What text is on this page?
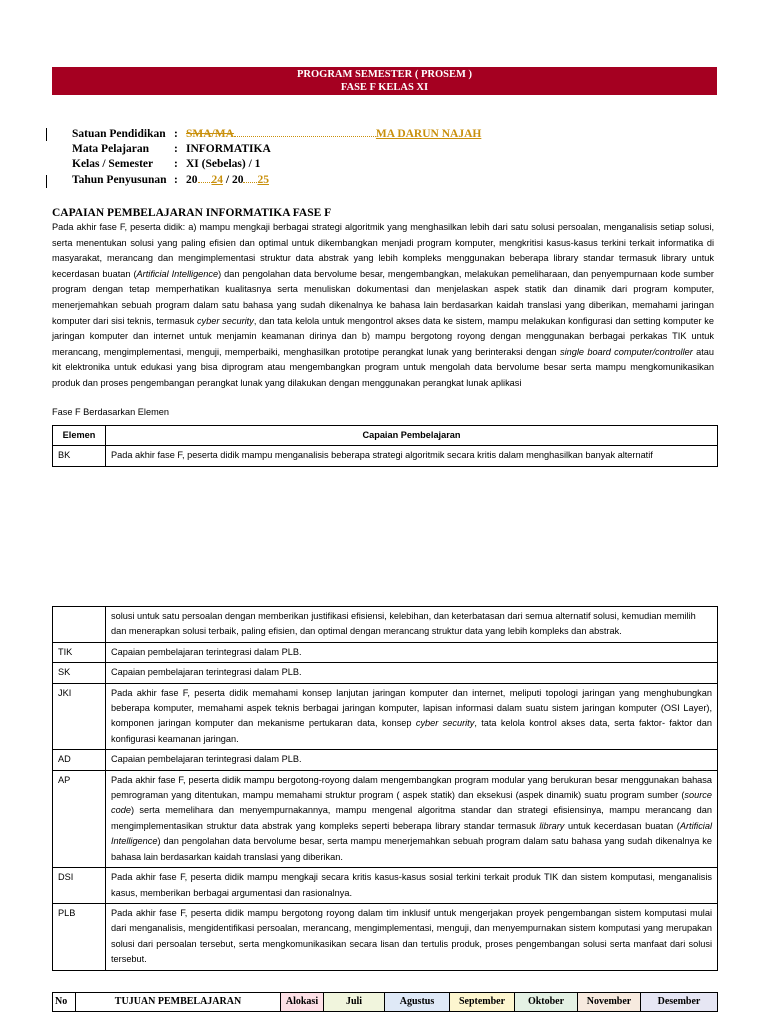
PROGRAM SEMESTER ( PROSEM )
FASE F KELAS XI
Satuan Pendidikan : SMA/MA	MA DARUN NAJAH
Mata Pelajaran : INFORMATIKA
Kelas / Semester : XI (Sebelas) / 1
Tahun Penyusunan : 20 24 / 20 25
CAPAIAN PEMBELAJARAN INFORMATIKA FASE F
Pada akhir fase F, peserta didik: a) mampu mengkaji berbagai strategi algoritmik yang menghasilkan lebih dari satu solusi persoalan, menganalisis setiap solusi, serta menentukan solusi yang paling efisien dan optimal untuk dikembangkan menjadi program komputer, mengkritisi kasus-kasus terkini terkait informatika di masyarakat, merancang dan mengimplementasi struktur data abstrak yang lebih kompleks menggunakan beberapa library standar termasuk library untuk kecerdasan buatan (Artificial Intelligence) dan pengolahan data bervolume besar, mengembangkan, melakukan pemeliharaan, dan penyempurnaan kode sumber program dengan tetap memperhatikan kualitasnya serta menuliskan dokumentasi dan menjelaskan aspek statik dan dinamik dari program komputer, menerjemahkan sebuah program dalam satu bahasa yang sudah dikenalnya ke bahasa lain berdasarkan kaidah translasi yang diberikan, memahami jaringan komputer dari sisi teknis, termasuk cyber security, dan tata kelola untuk mengontrol akses data ke sistem, mampu melakukan konfigurasi dan setting komputer ke jaringan komputer dan internet untuk menjamin keamanan dirinya dan b) mampu bergotong royong dengan menggunakan berbagai perkakas TIK untuk merancang, mengimplementasi, menguji, memperbaiki, menghasilkan prototipe perangkat lunak yang berinteraksi dengan single board computer/controller atau kit elektronika untuk edukasi yang bisa diprogram atau mengembangkan program untuk mengolah data bervolume besar serta mampu mengkomunikasikan produk dan proses pengembangan perangkat lunak yang dilakukan dengan menggunakan perangkat lunak aplikasi
Fase F Berdasarkan Elemen
Elemen	Capaian Pembelajaran
BK	Pada akhir fase F, peserta didik mampu menganalisis beberapa strategi algoritmik secara kritis dalam menghasilkan banyak alternatif
	solusi untuk satu persoalan dengan memberikan justifikasi efisiensi, kelebihan, dan keterbatasan dari semua alternatif solusi, kemudian memilih dan menerapkan solusi terbaik, paling efisien, dan optimal dengan merancang struktur data yang lebih kompleks dan abstrak.
TIK	Capaian pembelajaran terintegrasi dalam PLB.
SK	Capaian pembelajaran terintegrasi dalam PLB.
JKI	Pada akhir fase F, peserta didik memahami konsep lanjutan jaringan komputer dan internet, meliputi topologi jaringan yang menghubungkan beberapa komputer, memahami aspek teknis berbagai jaringan komputer, lapisan informasi dalam suatu sistem jaringan komputer (OSI Layer), komponen jaringan komputer dan mekanisme pertukaran data, konsep cyber security, tata kelola kontrol akses data, serta faktor- faktor dan konfigurasi keamanan jaringan.
AD	Capaian pembelajaran terintegrasi dalam PLB.
AP	Pada akhir fase F, peserta didik mampu bergotong-royong dalam mengembangkan program modular yang berukuran besar menggunakan bahasa pemrograman yang ditentukan, mampu memahami struktur program ( aspek statik) dan eksekusi (aspek dinamik) suatu program sumber (source code) serta memelihara dan menyempurnakannya, mampu mengenal algoritma standar dan strategi efisiensinya, mampu merancang dan mengimplementasikan struktur data abstrak yang kompleks seperti beberapa library standar termasuk library untuk kecerdasan buatan (Artificial Intelligence) dan pengolahan data bervolume besar, serta mampu menerjemahkan sebuah program dalam satu bahasa yang sudah dikenalnya ke bahasa lain berdasarkan kaidah translasi yang diberikan.
DSI	Pada akhir fase F, peserta didik mampu mengkaji secara kritis kasus-kasus sosial terkini terkait produk TIK dan sistem komputasi, menganalisis kasus, memberikan berbagai argumentasi dan rasionalnya.
PLB	Pada akhir fase F, peserta didik mampu bergotong royong dalam tim inklusif untuk mengerjakan proyek pengembangan sistem komputasi mulai dari menganalisis, mengidentifikasi persoalan, merancang, mengimplementasi, menguji, dan menyempurnakan sistem komputasi yang merupakan solusi dari persoalan tersebut, serta mengkomunikasikan secara lisan dan tertulis produk, proses pengembangan solusi serta manfaat dari solusi tersebut.
No	TUJUAN PEMBELAJARAN	Alokasi	Juli	Agustus	September	Oktober	November	Desember
